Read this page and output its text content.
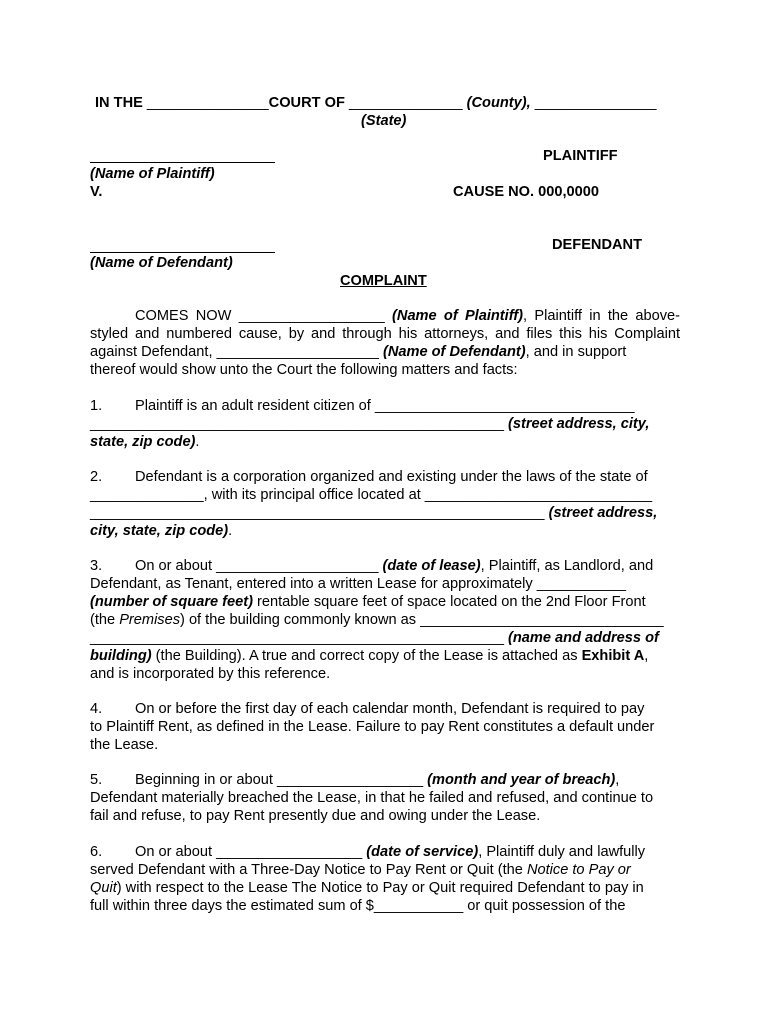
IN THE _______________COURT OF ______________ (County), _______________
(State)
PLAINTIFF
(Name of Plaintiff)
V.	CAUSE NO. 000,0000
DEFENDANT
(Name of Defendant)
COMPLAINT
COMES NOW __________________ (Name of Plaintiff), Plaintiff in the above-
styled and numbered cause, by and through his attorneys, and files this his Complaint
against Defendant, ____________________ (Name of Defendant), and in support
thereof would show unto the Court the following matters and facts:
1. Plaintiff is an adult resident citizen of ________________________________
___________________________________________________ (street address, city,
state, zip code).
2. Defendant is a corporation organized and existing under the laws of the state of
______________, with its principal office located at ____________________________
________________________________________________________ (street address,
city, state, zip code).
3. On or about ____________________ (date of lease), Plaintiff, as Landlord, and
Defendant, as Tenant, entered into a written Lease for approximately ___________
(number of square feet) rentable square feet of space located on the 2nd Floor Front
(the Premises) of the building commonly known as ______________________________
___________________________________________________ (name and address of
building) (the Building). A true and correct copy of the Lease is attached as Exhibit A,
and is incorporated by this reference.
4. On or before the first day of each calendar month, Defendant is required to pay
to Plaintiff Rent, as defined in the Lease. Failure to pay Rent constitutes a default under
the Lease.
5. Beginning in or about __________________ (month and year of breach),
Defendant materially breached the Lease, in that he failed and refused, and continue to
fail and refuse, to pay Rent presently due and owing under the Lease.
6. On or about __________________ (date of service), Plaintiff duly and lawfully
served Defendant with a Three-Day Notice to Pay Rent or Quit (the Notice to Pay or
Quit) with respect to the Lease The Notice to Pay or Quit required Defendant to pay in
full within three days the estimated sum of $___________ or quit possession of the
